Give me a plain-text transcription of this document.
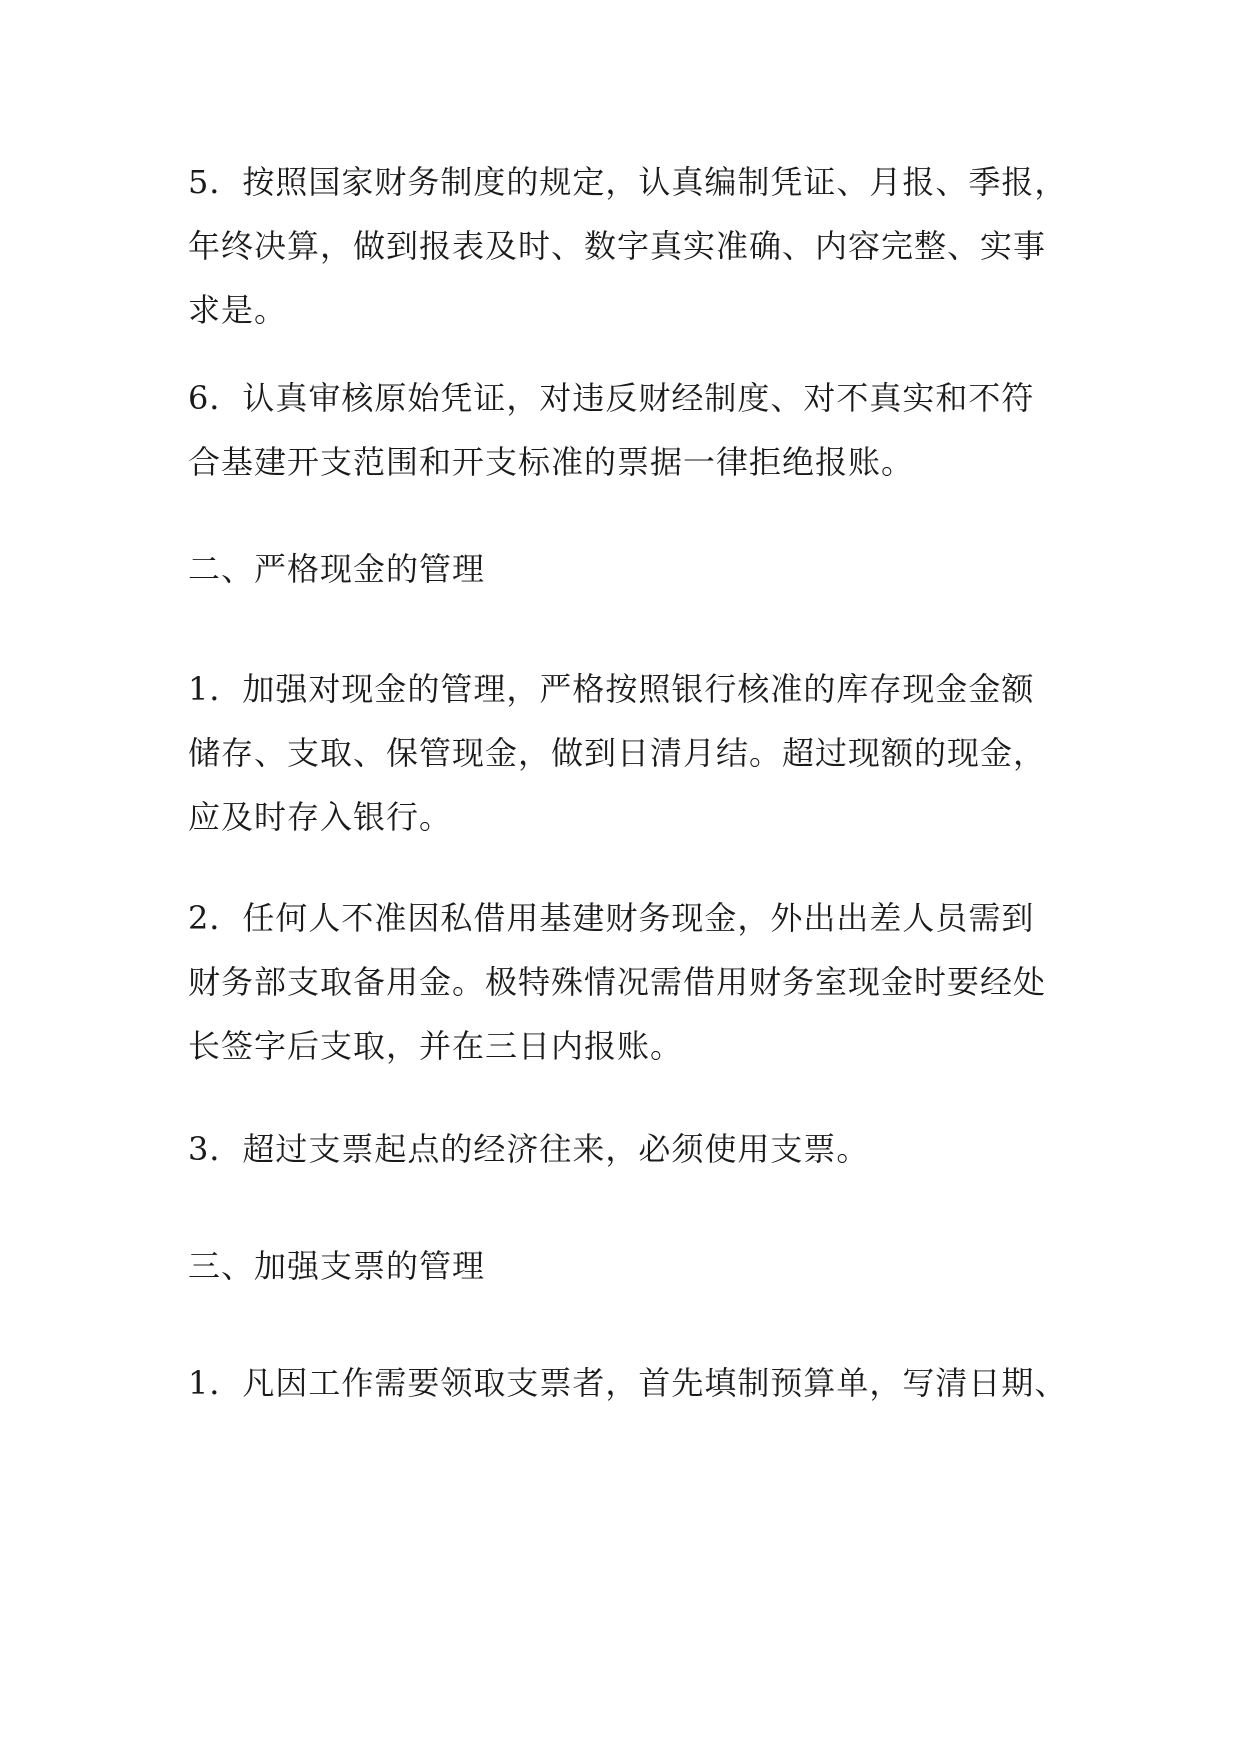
5．按照国家财务制度的规定，认真编制凭证、月报、季报，
年终决算，做到报表及时、数字真实准确、内容完整、实事
求是。

6．认真审核原始凭证，对违反财经制度、对不真实和不符
合基建开支范围和开支标准的票据一律拒绝报账。

二、严格现金的管理

1．加强对现金的管理，严格按照银行核准的库存现金金额
储存、支取、保管现金，做到日清月结。超过现额的现金，
应及时存入银行。

2．任何人不准因私借用基建财务现金，外出出差人员需到
财务部支取备用金。极特殊情况需借用财务室现金时要经处
长签字后支取，并在三日内报账。

3．超过支票起点的经济往来，必须使用支票。

三、加强支票的管理

1．凡因工作需要领取支票者，首先填制预算单，写清日期、
